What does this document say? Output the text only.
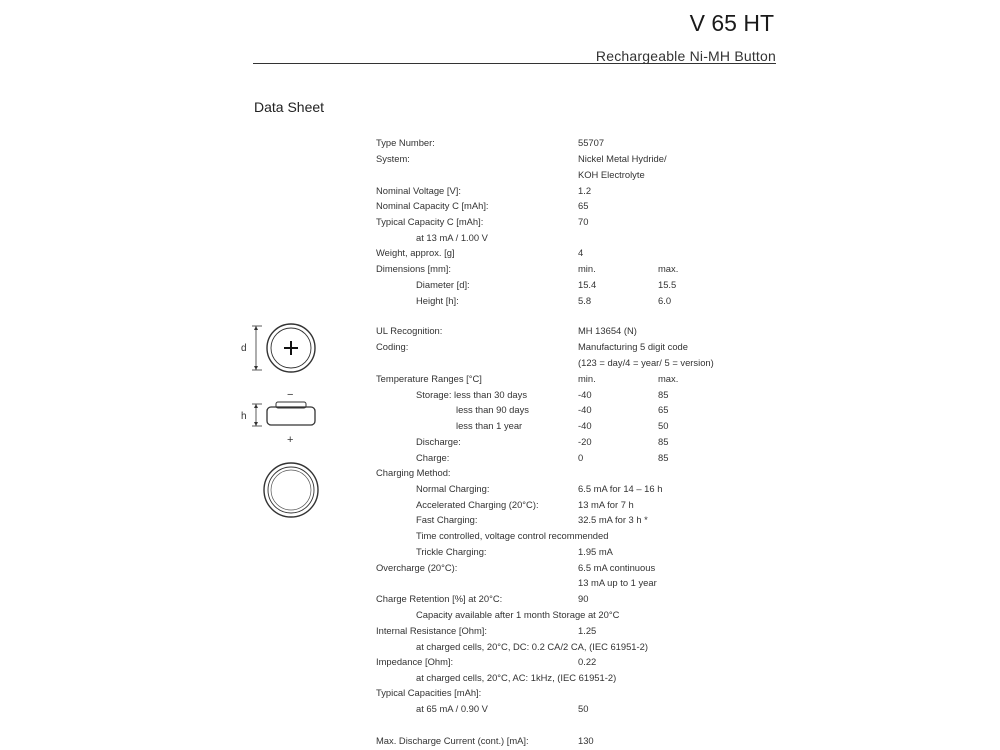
V 65 HT
Rechargeable Ni-MH Button
Data Sheet
Type Number:	55707
System:	Nickel Metal Hydride/
KOH Electrolyte
Nominal Voltage [V]:	1.2
Nominal Capacity C [mAh]:	65
Typical Capacity C [mAh]:	70
at 13 mA / 1.00 V
Weight, approx. [g]	4
Dimensions [mm]:	min.	max.
Diameter [d]:	15.4	15.5
Height [h]:	5.8	6.0
UL Recognition:	MH 13654 (N)
Coding:	Manufacturing 5 digit code
(123 = day/4 = year/ 5 = version)
Temperature Ranges [°C]	min.	max.
Storage: less than 30 days	-40	85
less than 90 days	-40	65
less than 1 year	-40	50
Discharge:	-20	85
Charge:	0	85
Charging Method:
Normal Charging:	6.5 mA for 14 – 16 h
Accelerated Charging (20°C):	13 mA for 7 h
Fast Charging:	32.5 mA for 3 h *
Time controlled, voltage control recommended
Trickle Charging:	1.95 mA
Overcharge (20°C):	6.5 mA continuous
13 mA up to 1 year
Charge Retention [%] at 20°C:	90
Capacity available after 1 month Storage at 20°C
Internal Resistance [Ohm]:	1.25
at charged cells, 20°C, DC: 0.2 CA/2 CA, (IEC 61951-2)
Impedance [Ohm]:	0.22
at charged cells, 20°C, AC: 1kHz, (IEC 61951-2)
Typical Capacities [mAh]:
at 65 mA / 0.90 V	50
Max. Discharge Current (cont.) [mA]:	130
d
−
h
+
